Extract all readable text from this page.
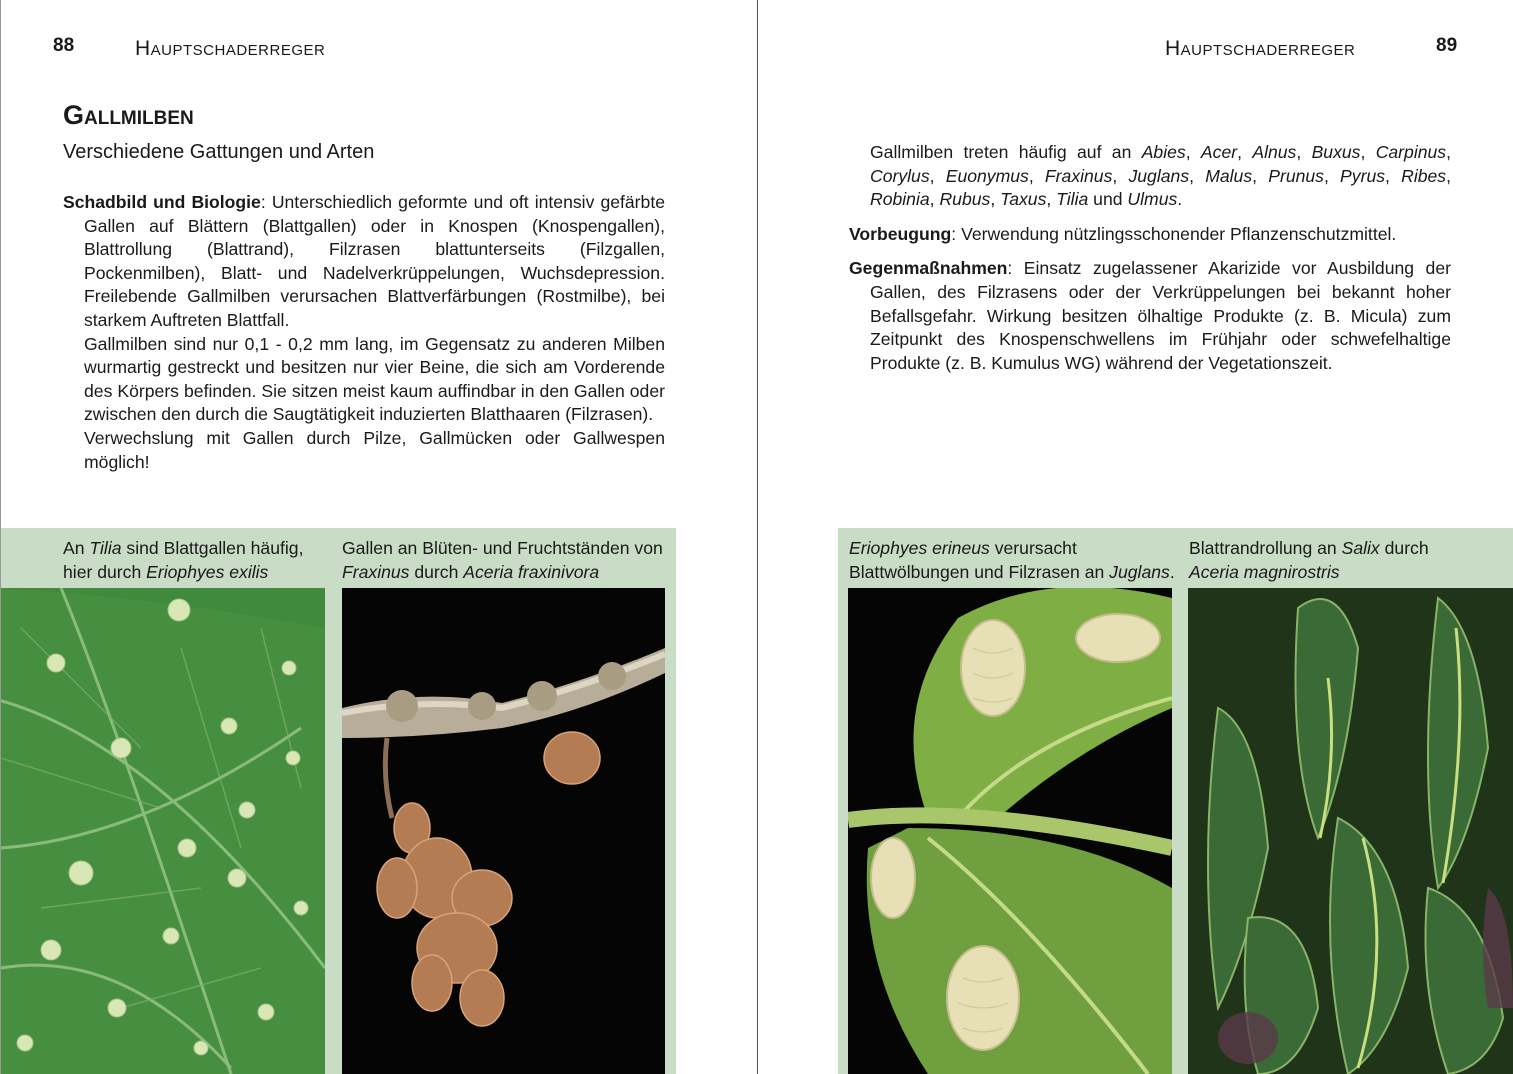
88	Hauptschaderreger
Gallmilben
Verschiedene Gattungen und Arten

Schadbild und Biologie: Unterschiedlich geformte und oft intensiv gefärbte Gallen auf Blättern (Blattgallen) oder in Knospen (Knospengallen), Blattrollung (Blattrand), Filzrasen blattunterseits (Filzgallen, Pockenmilben), Blatt- und Nadelverkrüppelungen, Wuchsdepression. Freilebende Gallmilben verursachen Blattverfärbungen (Rostmilbe), bei starkem Auftreten Blattfall.

Gallmilben sind nur 0,1 - 0,2 mm lang, im Gegensatz zu anderen Milben wurmartig gestreckt und besitzen nur vier Beine, die sich am Vorderende des Körpers befinden. Sie sitzen meist kaum auffindbar in den Gallen oder zwischen den durch die Saugtätigkeit induzierten Blatthaaren (Filzrasen).

Verwechslung mit Gallen durch Pilze, Gallmücken oder Gallwespen möglich!

An Tilia sind Blattgallen häufig, hier durch Eriophyes exilis
Gallen an Blüten- und Fruchtständen von Fraxinus durch Aceria fraxinivora
Hauptschaderreger	89

Gallmilben treten häufig auf an Abies, Acer, Alnus, Buxus, Carpinus, Corylus, Euonymus, Fraxinus, Juglans, Malus, Prunus, Pyrus, Ribes, Robinia, Rubus, Taxus, Tilia und Ulmus.

Vorbeugung: Verwendung nützlingsschonender Pflanzenschutzmittel.

Gegenmaßnahmen: Einsatz zugelassener Akarizide vor Ausbildung der Gallen, des Filzrasens oder der Verkrüppelungen bei bekannt hoher Befallsgefahr. Wirkung besitzen ölhaltige Produkte (z. B. Micula) zum Zeitpunkt des Knospenschwellens im Frühjahr oder schwefelhaltige Produkte (z. B. Kumulus WG) während der Vegetationszeit.

Eriophyes erineus verursacht Blattwölbungen und Filzrasen an Juglans.
Blattrandrollung an Salix durch Aceria magnirostris
